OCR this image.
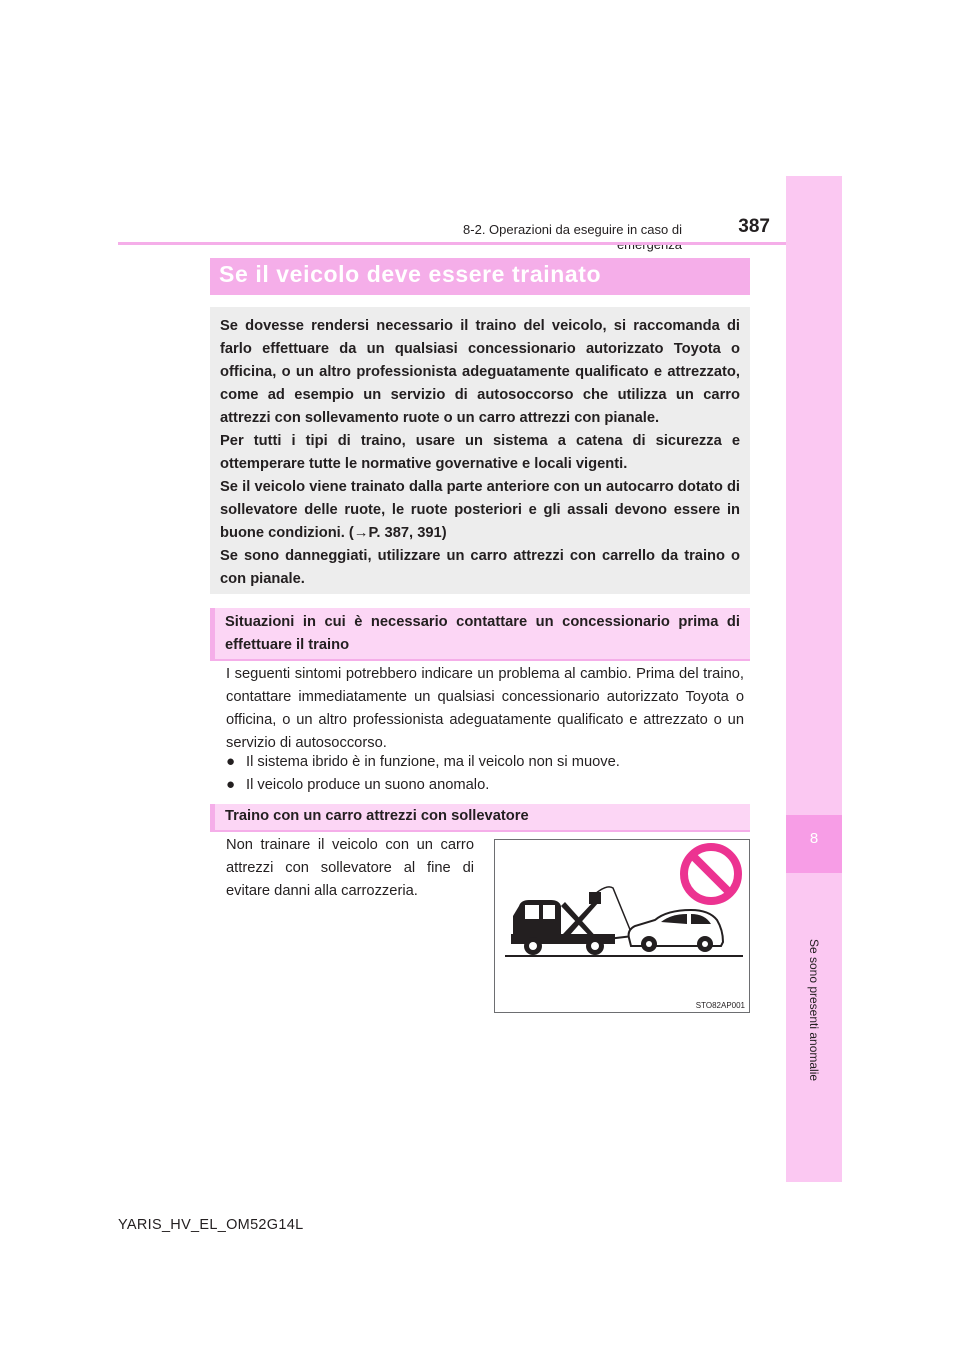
8
Se sono presenti anomalie
8-2. Operazioni da eseguire in caso di	387
Se il veicolo deve essere trainato

Se dovesse rendersi necessario il traino del veicolo, si raccomanda di farlo effettuare da un qualsiasi concessionario autorizzato Toyota o officina, o un altro professionista adeguatamente qualificato e attrezzato, come ad esempio un servizio di autosoccorso che utilizza un carro attrezzi con sollevamento ruote o un carro attrezzi con pianale.

Per tutti i tipi di traino, usare un sistema a catena di sicurezza e ottemperare tutte le normative governative e locali vigenti.

Se il veicolo viene trainato dalla parte anteriore con un autocarro dotato di sollevatore delle ruote, le ruote posteriori e gli assali devono essere in buone condizioni. (→P. 387, 391)

Se sono danneggiati, utilizzare un carro attrezzi con carrello da traino o con pianale.

Situazioni in cui è necessario contattare un concessionario prima di effettuare il traino

I seguenti sintomi potrebbero indicare un problema al cambio. Prima del traino, contattare immediatamente un qualsiasi concessionario autorizzato Toyota o officina, o un altro professionista adeguatamente qualificato e attrezzato o un servizio di autosoccorso.

● Il sistema ibrido è in funzione, ma il veicolo non si muove.
● Il veicolo produce un suono anomalo.
Traino con un carro attrezzi con sollevatore
Non trainare il veicolo con un carro attrezzi con sollevatore al fine di evitare danni alla carrozzeria.
STO82AP001
YARIS_HV_EL_OM52G14L
